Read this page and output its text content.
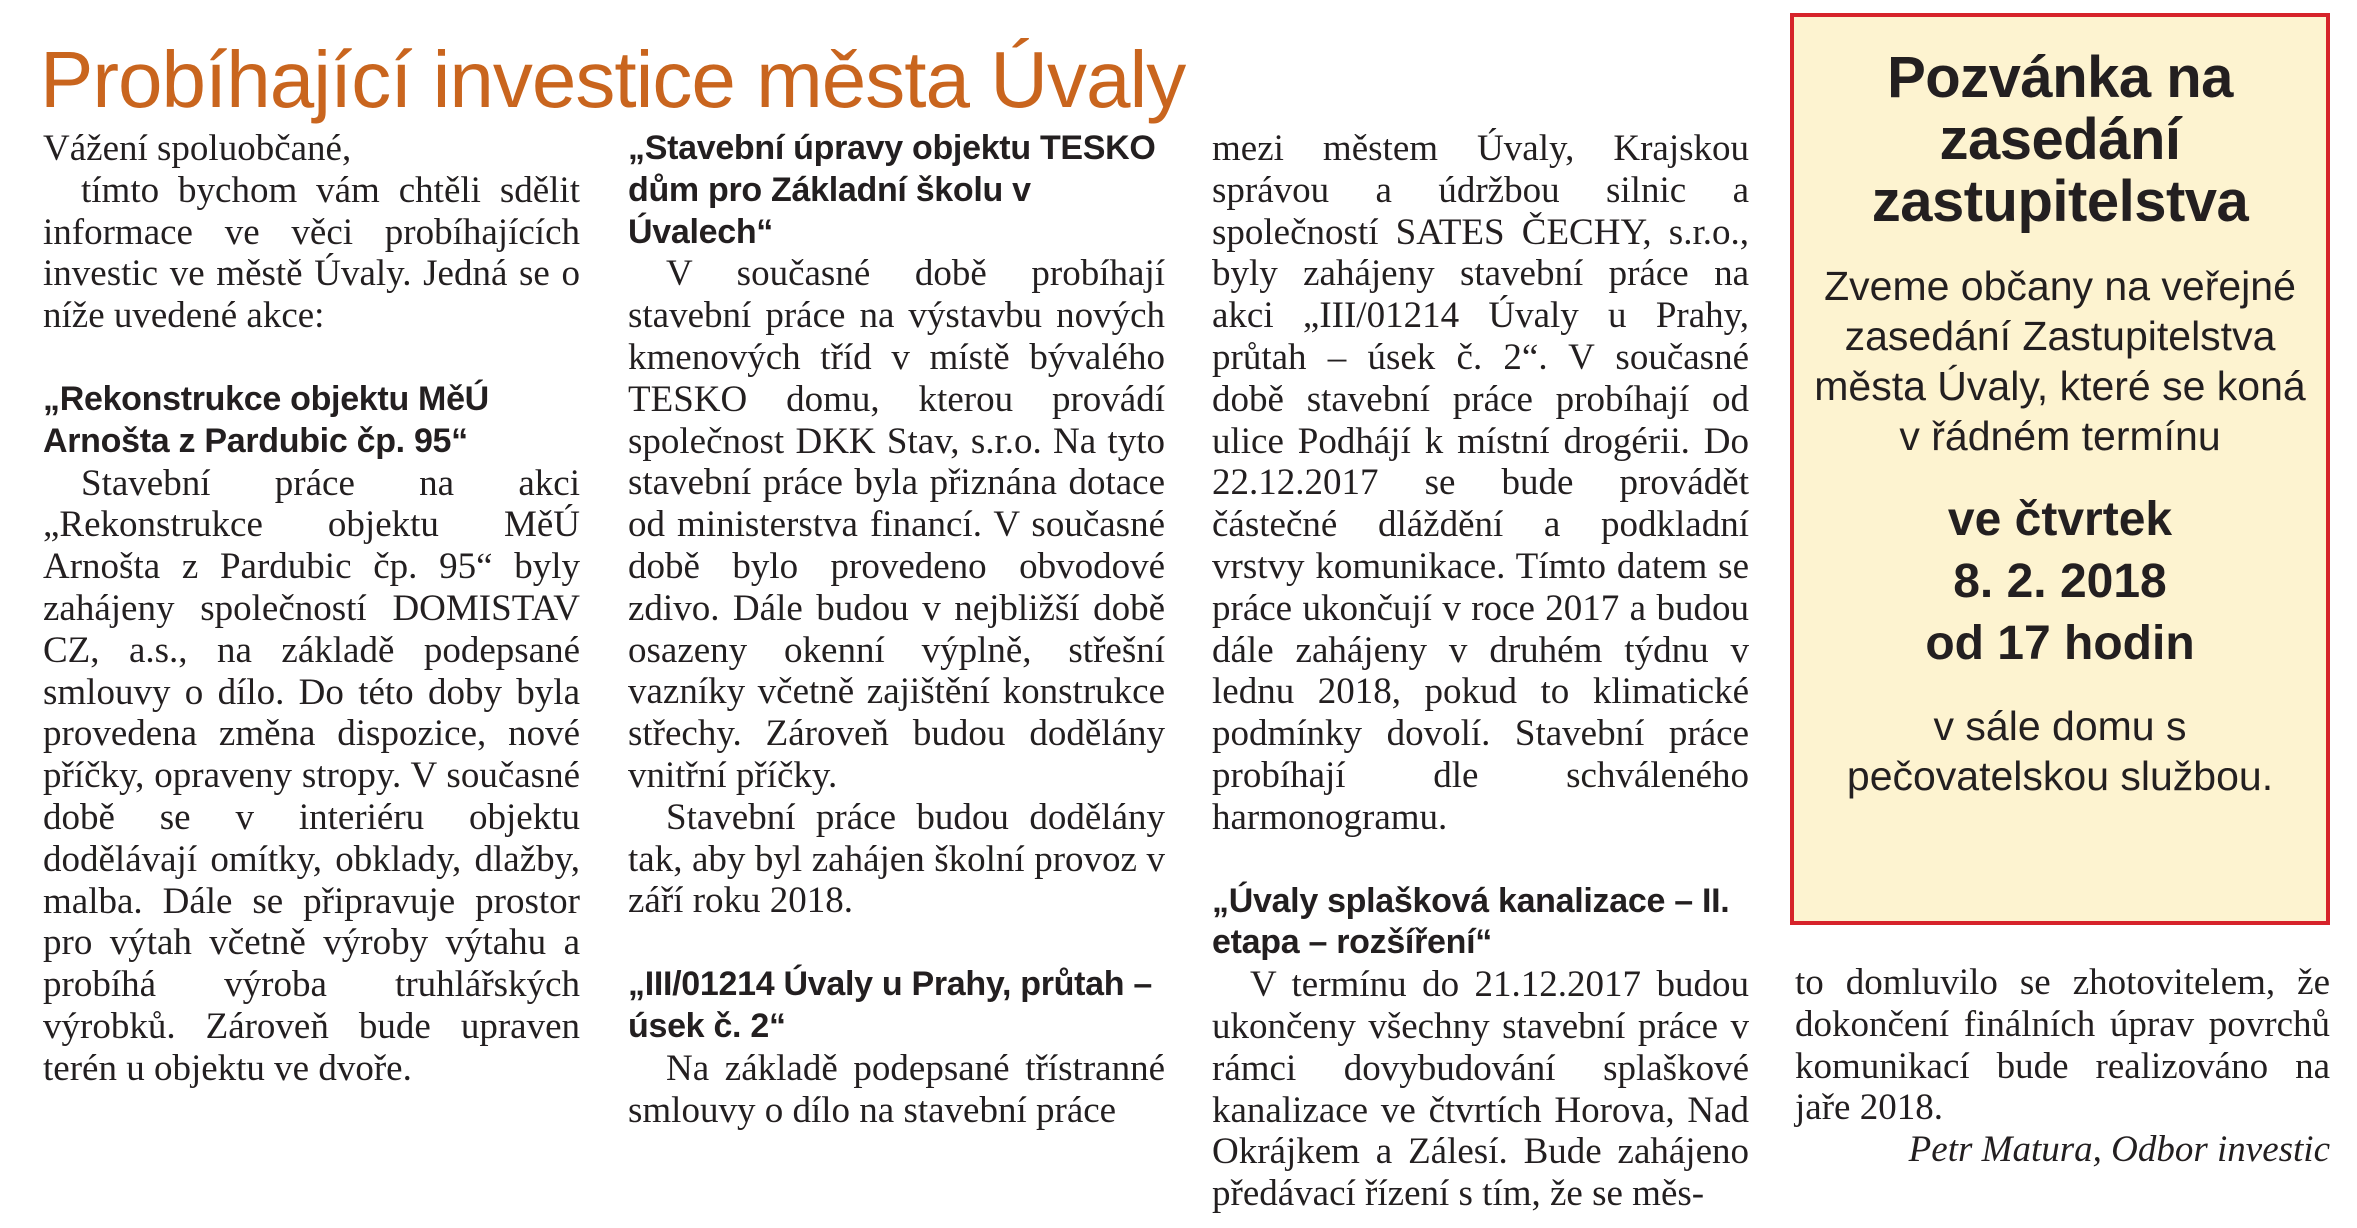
Probíhající investice města Úvaly

Vážení spoluobčané,

tímto bychom vám chtěli sdělit informace ve věci probíhajících investic ve městě Úvaly. Jedná se o níže uvedené akce:

„Rekonstrukce objektu MěÚ Arnošta z Pardubic čp. 95“

Stavební práce na akci „Rekonstrukce objektu MěÚ Arnošta z Pardubic čp. 95“ byly zahájeny společností DOMISTAV CZ, a.s., na základě podepsané smlouvy o dílo. Do této doby byla provedena změna dispozice, nové příčky, opraveny stropy. V současné době se v interiéru objektu dodělávají omítky, obklady, dlažby, malba. Dále se připravuje prostor pro výtah včetně výroby výtahu a probíhá výroba truhlářských výrobků. Zároveň bude upraven terén u objektu ve dvoře.

„Stavební úpravy objektu TESKO dům pro Základní školu v Úvalech“

V současné době probíhají stavební práce na výstavbu nových kmenových tříd v místě bývalého TESKO domu, kterou provádí společnost DKK Stav, s.r.o. Na tyto stavební práce byla přiznána dotace od ministerstva financí. V současné době bylo provedeno obvodové zdivo. Dále budou v nejbližší době osazeny okenní výplně, střešní vazníky včetně zajištění konstrukce střechy. Zároveň budou dodělány vnitřní příčky.

Stavební práce budou dodělány tak, aby byl zahájen školní provoz v září roku 2018.

„III/01214 Úvaly u Prahy, průtah – úsek č. 2“

Na základě podepsané třístranné smlouvy o dílo na stavební práce

mezi městem Úvaly, Krajskou správou a údržbou silnic a společností SATES ČECHY, s.r.o., byly zahájeny stavební práce na akci „III/01214 Úvaly u Prahy, průtah – úsek č. 2“. V současné době stavební práce probíhají od ulice Podhájí k místní drogérii. Do 22.12.2017 se bude provádět částečné dláždění a podkladní vrstvy komunikace. Tímto datem se práce ukončují v roce 2017 a budou dále zahájeny v druhém týdnu v lednu 2018, pokud to klimatické podmínky dovolí. Stavební práce probíhají dle schváleného harmonogramu.

„Úvaly splašková kanalizace – II. etapa – rozšíření“

V termínu do 21.12.2017 budou ukončeny všechny stavební práce v rámci dovybudování splaškové kanalizace ve čtvrtích Horova, Nad Okrájkem a Zálesí. Bude zahájeno předávací řízení s tím, že se měs-

Pozvánka na zasedání zastupitelstva
Zveme občany na veřejné zasedání Zastupitelstva města Úvaly, které se koná v řádném termínu
ve čtvrtek
8. 2. 2018
od 17 hodin
v sále domu s pečovatelskou službou.

to domluvilo se zhotovitelem, že dokončení finálních úprav povrchů komunikací bude realizováno na jaře 2018.

Petr Matura, Odbor investic
